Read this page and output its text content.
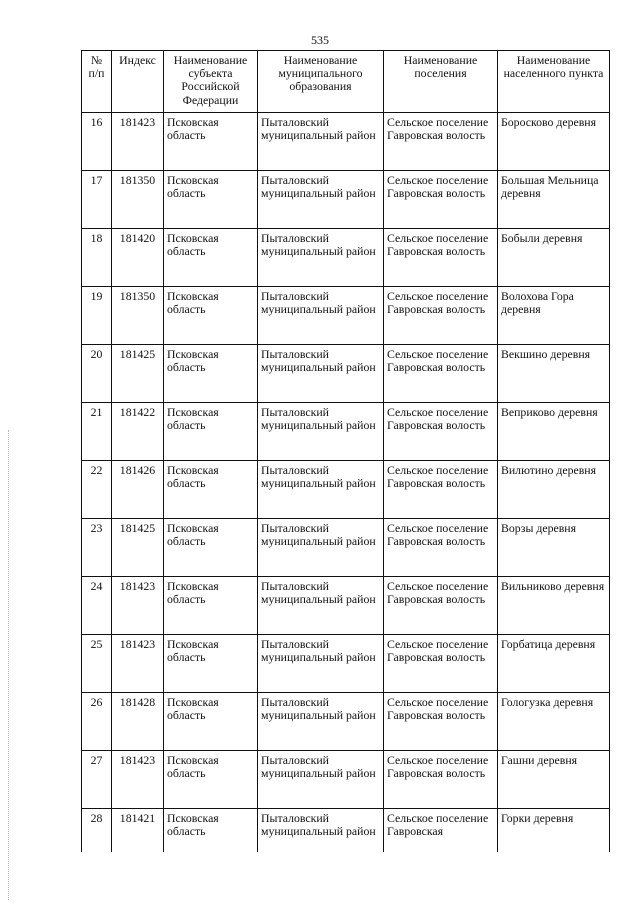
535
№ п/п	Индекс	Наименование субъекта Российской Федерации	Наименование муниципального образования	Наименование поселения	Наименование населенного пункта
16	181423	Псковская область	Пыталовский муниципальный район	Сельское поселение Гавровская волость	Боросково деревня
17	181350	Псковская область	Пыталовский муниципальный район	Сельское поселение Гавровская волость	Большая Мельница деревня
18	181420	Псковская область	Пыталовский муниципальный район	Сельское поселение Гавровская волость	Бобыли деревня
19	181350	Псковская область	Пыталовский муниципальный район	Сельское поселение Гавровская волость	Волохова Гора деревня
20	181425	Псковская область	Пыталовский муниципальный район	Сельское поселение Гавровская волость	Векшино деревня
21	181422	Псковская область	Пыталовский муниципальный район	Сельское поселение Гавровская волость	Веприково деревня
22	181426	Псковская область	Пыталовский муниципальный район	Сельское поселение Гавровская волость	Вилютино деревня
23	181425	Псковская область	Пыталовский муниципальный район	Сельское поселение Гавровская волость	Ворзы деревня
24	181423	Псковская область	Пыталовский муниципальный район	Сельское поселение Гавровская волость	Вильниково деревня
25	181423	Псковская область	Пыталовский муниципальный район	Сельское поселение Гавровская волость	Горбатица деревня
26	181428	Псковская область	Пыталовский муниципальный район	Сельское поселение Гавровская волость	Гологузка деревня
27	181423	Псковская область	Пыталовский муниципальный район	Сельское поселение Гавровская волость	Гашни деревня
28	181421	Псковская область	Пыталовский муниципальный район	Сельское поселение Гавровская	Горки деревня
